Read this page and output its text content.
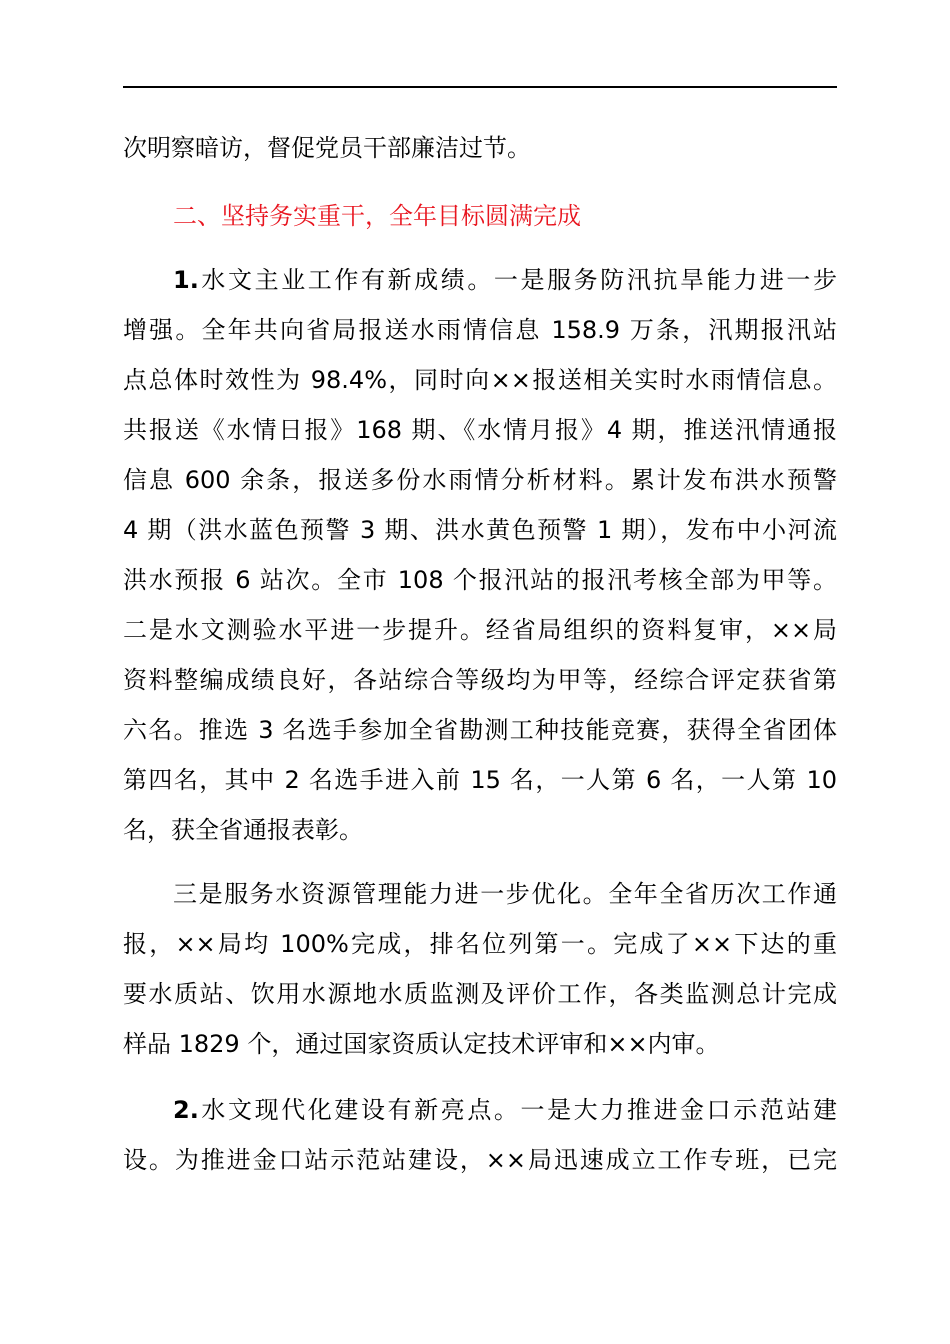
次明察暗访，督促党员干部廉洁过节。
二、坚持务实重干，全年目标圆满完成
1.水文主业工作有新成绩。一是服务防汛抗旱能力进一步
增强。全年共向省局报送水雨情信息 158.9 万条，汛期报汛站
点总体时效性为 98.4%，同时向××报送相关实时水雨情信息。
共报送《水情日报》168 期、《水情月报》4 期，推送汛情通报
信息 600 余条，报送多份水雨情分析材料。累计发布洪水预警
4 期（洪水蓝色预警 3 期、洪水黄色预警 1 期），发布中小河流
洪水预报 6 站次。全市 108 个报汛站的报汛考核全部为甲等。
二是水文测验水平进一步提升。经省局组织的资料复审，××局
资料整编成绩良好，各站综合等级均为甲等，经综合评定获省第
六名。推选 3 名选手参加全省勘测工种技能竞赛，获得全省团体
第四名，其中 2 名选手进入前 15 名，一人第 6 名，一人第 10
名，获全省通报表彰。
三是服务水资源管理能力进一步优化。全年全省历次工作通
报，××局均 100%完成，排名位列第一。完成了××下达的重
要水质站、饮用水源地水质监测及评价工作，各类监测总计完成
样品 1829 个，通过国家资质认定技术评审和××内审。
2.水文现代化建设有新亮点。一是大力推进金口示范站建
设。为推进金口站示范站建设，××局迅速成立工作专班，已完
